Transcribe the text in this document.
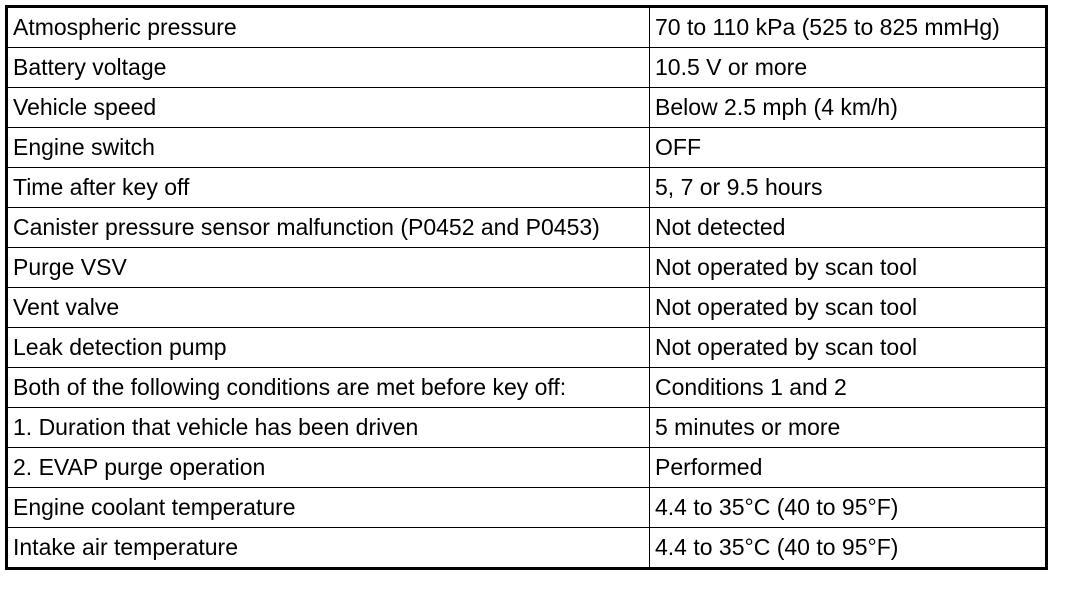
Atmospheric pressure	70 to 110 kPa (525 to 825 mmHg)
Battery voltage	10.5 V or more
Vehicle speed	Below 2.5 mph (4 km/h)
Engine switch	OFF
Time after key off	5, 7 or 9.5 hours
Canister pressure sensor malfunction (P0452 and P0453)	Not detected
Purge VSV	Not operated by scan tool
Vent valve	Not operated by scan tool
Leak detection pump	Not operated by scan tool
Both of the following conditions are met before key off:	Conditions 1 and 2
1. Duration that vehicle has been driven	5 minutes or more
2. EVAP purge operation	Performed
Engine coolant temperature	4.4 to 35°C (40 to 95°F)
Intake air temperature	4.4 to 35°C (40 to 95°F)
